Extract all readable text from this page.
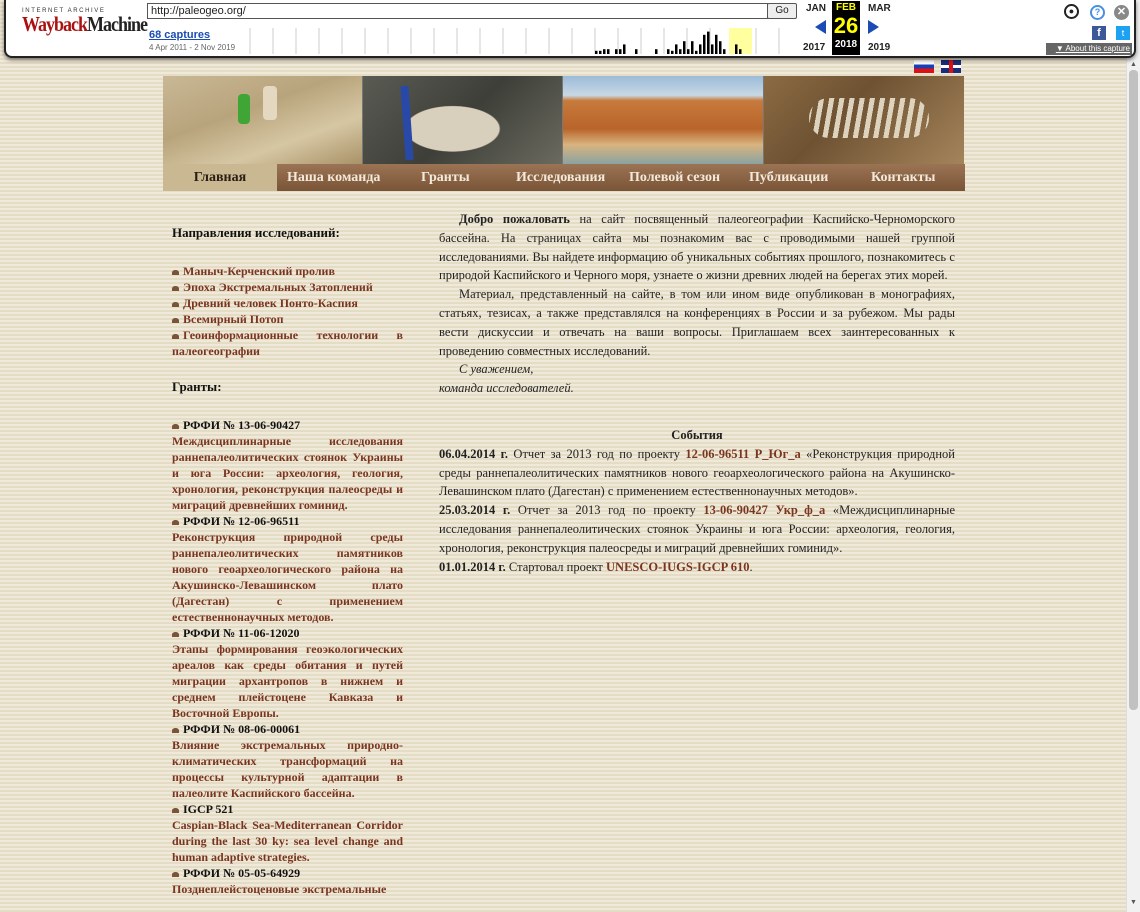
INTERNET ARCHIVE
WaybackMachine
http://paleogeo.org/	Go
68 captures
4 Apr 2011 - 2 Nov 2019
JAN FEB
26
2018
MAR
2017	2019
●	?	✕
f	t
▼ About this capture
Главная	Наша команда	Гранты	Исследования Полевой сезон Публикации	Контакты
Направления исследований:
Маныч-Керченский пролив
Эпоха Экстремальных Затоплений
Древний человек Понто-Каспия
Всемирный Потоп
Геоинформационные технологии в палеогеографии
Гранты:
РФФИ № 13-06-90427
Междисциплинарные исследования раннепалеолитических стоянок Украины и юга России: археология, геология, хронология, реконструкция палеосреды и миграций древнейших гоминид.
РФФИ № 12-06-96511
Реконструкция природной среды раннепалеолитических памятников нового геоархеологического района на Акушинско-Левашинском плато (Дагестан) с применением естественнонаучных методов.
РФФИ № 11-06-12020
Этапы формирования геоэкологических ареалов как среды обитания и путей миграции архантропов в нижнем и среднем плейстоцене Кавказа и Восточной Европы.
РФФИ № 08-06-00061
Влияние экстремальных природно-климатических трансформаций на процессы культурной адаптации в палеолите Каспийского бассейна.
IGCP 521
Caspian-Black Sea-Mediterranean Corridor during the last 30 ky: sea level change and human adaptive strategies.
РФФИ № 05-05-64929
Позднеплейстоценовые экстремальные

Добро пожаловать на сайт посвященный палеогеографии Каспийско-Черноморского бассейна. На страницах сайта мы познакомим вас с проводимыми нашей группой исследованиями. Вы найдете информацию об уникальных событиях прошлого, познакомитесь с природой Каспийского и Черного моря, узнаете о жизни древних людей на берегах этих морей.

Материал, представленный на сайте, в том или ином виде опубликован в монографиях, статьях, тезисах, а также представлялся на конференциях в России и за рубежом. Мы рады вести дискуссии и отвечать на ваши вопросы. Приглашаем всех заинтересованных к проведению совместных исследований.

С уважением,

команда исследователей.

События
06.04.2014 г. Отчет за 2013 год по проекту 12-06-96511 Р_Юг_а «Реконструкция природной среды раннепалеолитических памятников нового геоархеологического района на Акушинско-Левашинском плато (Дагестан) с применением естественнонаучных методов».
25.03.2014 г. Отчет за 2013 год по проекту 13-06-90427 Укр_ф_а «Междисциплинарные исследования раннепалеолитических стоянок Украины и юга России: археология, геология, хронология, реконструкция палеосреды и миграций древнейших гоминид».
01.01.2014 г. Стартовал проект UNESCO-IUGS-IGCP 610.
▲
▼
